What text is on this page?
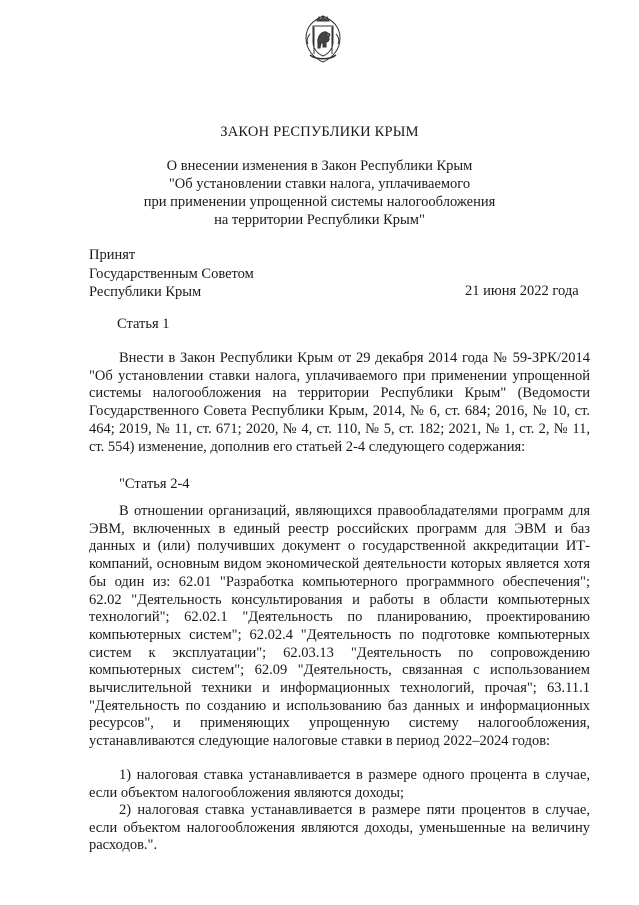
ЗАКОН РЕСПУБЛИКИ КРЫМ
О внесении изменения в Закон Республики Крым
"Об установлении ставки налога, уплачиваемого
при применении упрощенной системы налогообложения
на территории Республики Крым"
Принят
Государственным Советом
Республики Крым	21 июня 2022 года
Статья 1

Внести в Закон Республики Крым от 29 декабря 2014 года № 59-ЗРК/2014 "Об установлении ставки налога, уплачиваемого при применении упрощенной системы налогообложения на территории Республики Крым" (Ведомости Государственного Совета Республики Крым, 2014, № 6, ст. 684; 2016, № 10, ст. 464; 2019, № 11, ст. 671; 2020, № 4, ст. 110, № 5, ст. 182; 2021, № 1, ст. 2, № 11, ст. 554) изменение, дополнив его статьей 2-4 следующего содержания:

"Статья 2-4

В отношении организаций, являющихся правообладателями программ для ЭВМ, включенных в единый реестр российских программ для ЭВМ и баз данных и (или) получивших документ о государственной аккредитации ИТ-компаний, основным видом экономической деятельности которых является хотя бы один из: 62.01 "Разработка компьютерного программного обеспечения"; 62.02 "Деятельность консультирования и работы в области компьютерных технологий"; 62.02.1 "Деятельность по планированию, проектированию компьютерных систем"; 62.02.4 "Деятельность по подготовке компьютерных систем к эксплуатации"; 62.03.13 "Деятельность по сопровождению компьютерных систем"; 62.09 "Деятельность, связанная с использованием вычислительной техники и информационных технологий, прочая"; 63.11.1 "Деятельность по созданию и использованию баз данных и информационных ресурсов", и применяющих упрощенную систему налогообложения, устанавливаются следующие налоговые ставки в период 2022–2024 годов:

1) налоговая ставка устанавливается в размере одного процента в случае, если объектом налогообложения являются доходы;

2) налоговая ставка устанавливается в размере пяти процентов в случае, если объектом налогообложения являются доходы, уменьшенные на величину расходов.".
